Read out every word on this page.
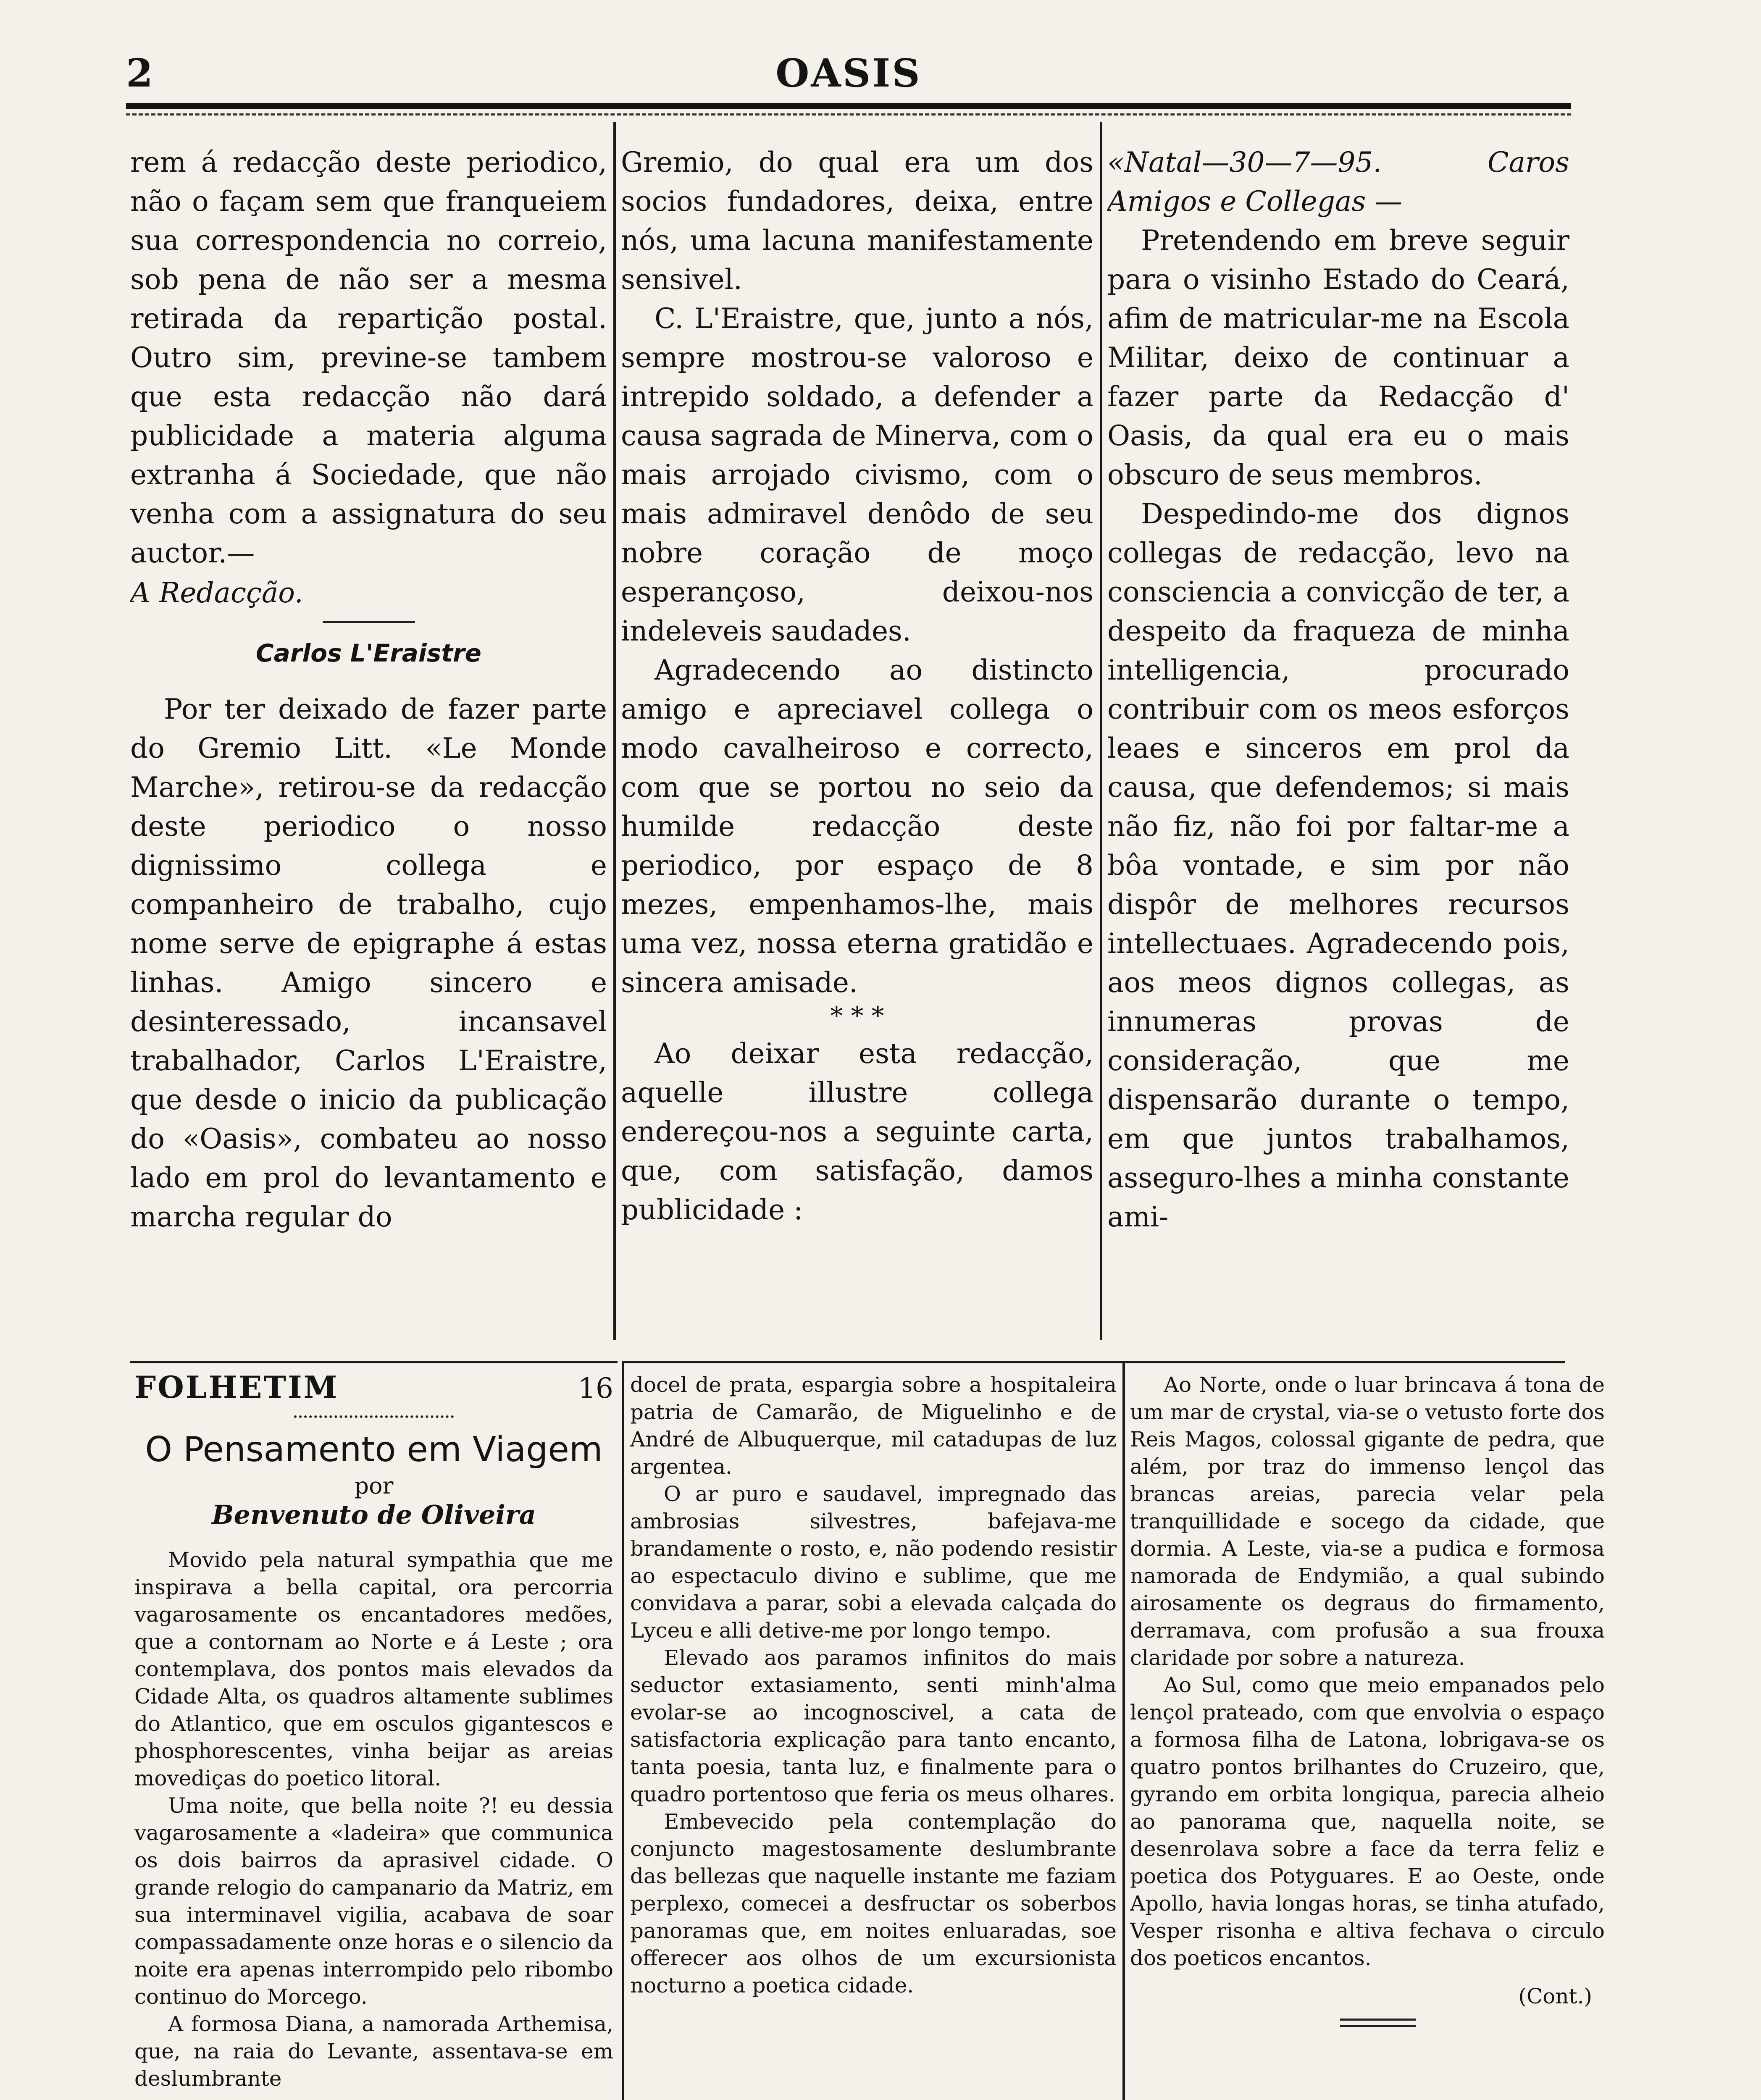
2	OASIS

rem á redacção deste periodico, não o façam sem que franqueiem sua correspondencia no correio, sob pena de não ser a mesma retirada da repartição postal. Outro sim, previne-se tambem que esta redacção não dará publicidade a materia alguma extranha á Sociedade, que não venha com a assignatura do seu auctor.—

A Redacção.

Carlos L'Eraistre

Por ter deixado de fazer parte do Gremio Litt. «Le Monde Marche», retirou-se da redacção deste periodico o nosso dignissimo collega e companheiro de trabalho, cujo nome serve de epigraphe á estas linhas. Amigo sincero e desinteressado, incansavel trabalhador, Carlos L'Eraistre, que desde o inicio da publicação do «Oasis», combateu ao nosso lado em prol do levantamento e marcha regular do

Gremio, do qual era um dos socios fundadores, deixa, entre nós, uma lacuna manifestamente sensivel.

C. L'Eraistre, que, junto a nós, sempre mostrou-se valoroso e intrepido soldado, a defender a causa sagrada de Minerva, com o mais arrojado civismo, com o mais admiravel denôdo de seu nobre coração de moço esperançoso, deixou-nos indeleveis saudades.

Agradecendo ao distincto amigo e apreciavel collega o modo cavalheiroso e correcto, com que se portou no seio da humilde redacção deste periodico, por espaço de 8 mezes, empenhamos-lhe, mais uma vez, nossa eterna gratidão e sincera amisade.

* * *

Ao deixar esta redacção, aquelle illustre collega endereçou-nos a seguinte carta, que, com satisfação, damos publicidade :

«Natal—30—7—95. Caros Amigos e Collegas —

Pretendendo em breve seguir para o visinho Estado do Ceará, afim de matricular-me na Escola Militar, deixo de continuar a fazer parte da Redacção d' Oasis, da qual era eu o mais obscuro de seus membros.

Despedindo-me dos dignos collegas de redacção, levo na consciencia a convicção de ter, a despeito da fraqueza de minha intelligencia, procurado contribuir com os meos esforços leaes e sinceros em prol da causa, que defendemos; si mais não fiz, não foi por faltar-me a bôa vontade, e sim por não dispôr de melhores recursos intellectuaes. Agradecendo pois, aos meos dignos collegas, as innumeras provas de consideração, que me dispensarão durante o tempo, em que juntos trabalhamos, asseguro-lhes a minha constante ami-

FOLHETIM	16

O Pensamento em Viagem

por

Benvenuto de Oliveira

Movido pela natural sympathia que me inspirava a bella capital, ora percorria vagarosamente os encantadores medões, que a contornam ao Norte e á Leste ; ora contemplava, dos pontos mais elevados da Cidade Alta, os quadros altamente sublimes do Atlantico, que em osculos gigantescos e phosphorescentes, vinha beijar as areias movediças do poetico litoral.

Uma noite, que bella noite ?! eu dessia vagarosamente a «ladeira» que communica os dois bairros da aprasivel cidade. O grande relogio do campanario da Matriz, em sua interminavel vigilia, acabava de soar compassadamente onze horas e o silencio da noite era apenas interrompido pelo ribombo continuo do Morcego.

A formosa Diana, a namorada Arthemisa, que, na raia do Levante, assentava-se em deslumbrante

docel de prata, espargia sobre a hospitaleira patria de Camarão, de Miguelinho e de André de Albuquerque, mil catadupas de luz argentea.

O ar puro e saudavel, impregnado das ambrosias silvestres, bafejava-me brandamente o rosto, e, não podendo resistir ao espectaculo divino e sublime, que me convidava a parar, sobi a elevada calçada do Lyceu e alli detive-me por longo tempo.

Elevado aos paramos infinitos do mais seductor extasiamento, senti minh'alma evolar-se ao incognoscivel, a cata de satisfactoria explicação para tanto encanto, tanta poesia, tanta luz, e finalmente para o quadro portentoso que feria os meus olhares.

Embevecido pela contemplação do conjuncto magestosamente deslumbrante das bellezas que naquelle instante me faziam perplexo, comecei a desfructar os soberbos panoramas que, em noites enluaradas, soe offerecer aos olhos de um excursionista nocturno a poetica cidade.

Ao Norte, onde o luar brincava á tona de um mar de crystal, via-se o vetusto forte dos Reis Magos, colossal gigante de pedra, que além, por traz do immenso lençol das brancas areias, parecia velar pela tranquillidade e socego da cidade, que dormia. A Leste, via-se a pudica e formosa namorada de Endymião, a qual subindo airosamente os degraus do firmamento, derramava, com profusão a sua frouxa claridade por sobre a natureza.

Ao Sul, como que meio empanados pelo lençol prateado, com que envolvia o espaço a formosa filha de Latona, lobrigava-se os quatro pontos brilhantes do Cruzeiro, que, gyrando em orbita longiqua, parecia alheio ao panorama que, naquella noite, se desenrolava sobre a face da terra feliz e poetica dos Potyguares. E ao Oeste, onde Apollo, havia longas horas, se tinha atufado, Vesper risonha e altiva fechava o circulo dos poeticos encantos.

(Cont.)
